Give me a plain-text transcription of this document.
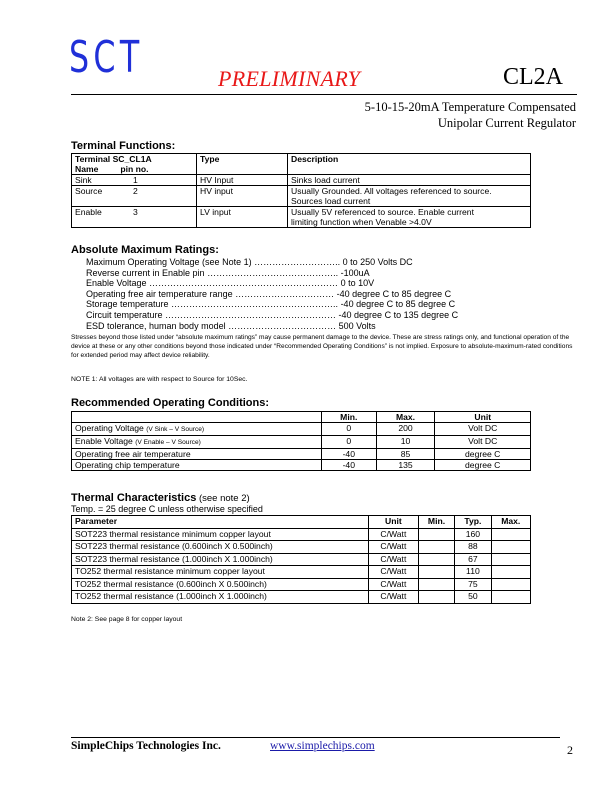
SCT	PRELIMINARY	CL2A
5-10-15-20mA Temperature Compensated
Unipolar Current Regulator
Terminal Functions:
Terminal SC_CL1A
Name pin no.	Type	Description
Sink 1	HV Input	Sinks load current

Source 2	HV input	Usually Grounded. All voltages referenced to source.
Sources load current

Enable 3	LV input	Usually 5V referenced to source. Enable current
limiting function when Venable >4.0V
Absolute Maximum Ratings:
Maximum Operating Voltage (see Note 1) ……………………….. 0 to 250 Volts DC
Reverse current in Enable pin …………………………………….. -100uA
Enable Voltage ……………………………………………………… 0 to 10V
Operating free air temperature range …………………………… -40 degree C to 85 degree C
Storage temperature ……………………………………………….. -40 degree C to 85 degree C
Circuit temperature ………………………………………………… -40 degree C to 135 degree C
ESD tolerance, human body model ……………………………… 500 Volts
Stresses beyond those listed under “absolute maximum ratings” may cause permanent damage to the device. These are stress ratings only, and functional operation of the device at these or any other conditions beyond those indicated under “Recommended Operating Conditions” is not implied. Exposure to absolute-maximum-rated conditions for extended period may affect device reliability.
NOTE 1: All voltages are with respect to Source for 10Sec.
Recommended Operating Conditions:
	Min.	Max.	Unit
Operating Voltage (V Sink – V Source)	0	200	Volt DC
Enable Voltage (V Enable – V Source)	0	10	Volt DC
Operating free air temperature	-40	85	degree C
Operating chip temperature	-40	135	degree C
Thermal Characteristics (see note 2)
Temp. = 25 degree C unless otherwise specified
Parameter	Unit	Min.	Typ.	Max.
SOT223 thermal resistance minimum copper layout	C/Watt		160	
SOT223 thermal resistance (0.600inch X 0.500inch)	C/Watt		88	
SOT223 thermal resistance (1.000inch X 1.000inch)	C/Watt		67	
TO252 thermal resistance minimum copper layout	C/Watt		110	
TO252 thermal resistance (0.600inch X 0.500inch)	C/Watt		75	
TO252 thermal resistance (1.000inch X 1.000inch)	C/Watt		50	
Note 2: See page 8 for copper layout
SimpleChips Technologies Inc.	www.simplechips.com	2
